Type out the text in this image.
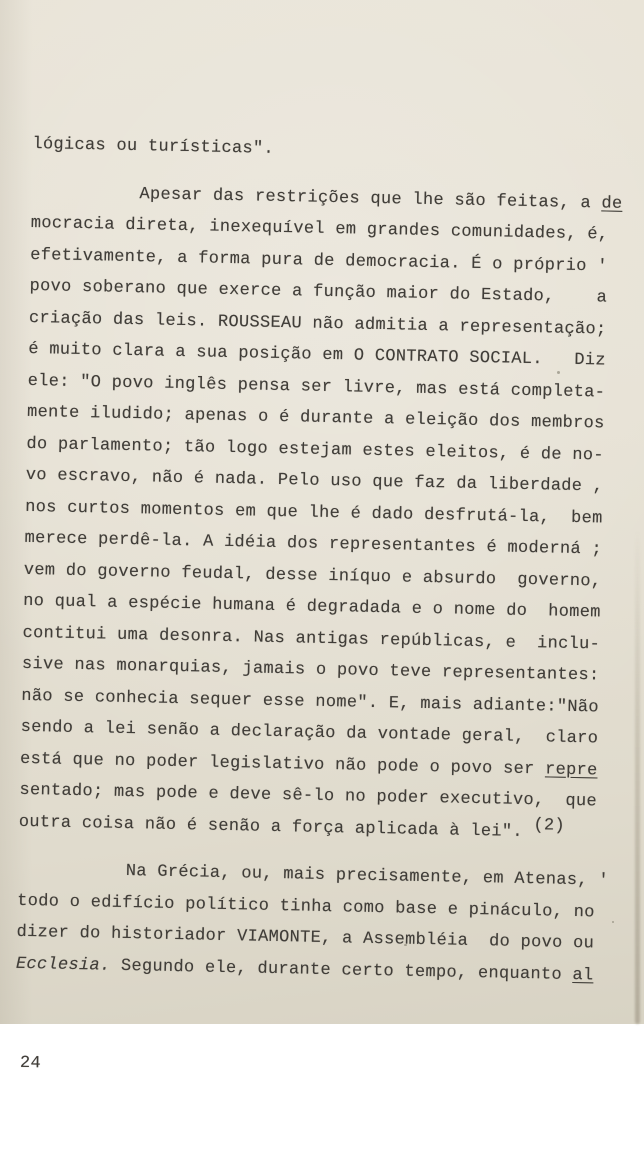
lógicas ou turísticas".
Apesar das restrições que lhe são feitas, a de
mocracia direta, inexequível em grandes comunidades, é,
efetivamente, a forma pura de democracia. É o próprio '
povo soberano que exerce a função maior do Estado,    a
criação das leis. ROUSSEAU não admitia a representação;
é muito clara a sua posição em O CONTRATO SOCIAL.   Diz
ele: "O povo inglês pensa ser livre, mas está completa-
mente iludido; apenas o é durante a eleição dos membros
do parlamento; tão logo estejam estes eleitos, é de no-
vo escravo, não é nada. Pelo uso que faz da liberdade ,
nos curtos momentos em que lhe é dado desfrutá-la,  bem
merece perdê-la. A idéia dos representantes é moderná ;
vem do governo feudal, desse iníquo e absurdo  governo,
no qual a espécie humana é degradada e o nome do  homem
contitui uma desonra. Nas antigas repúblicas, e  inclu-
sive nas monarquias, jamais o povo teve representantes:
não se conhecia sequer esse nome". E, mais adiante:"Não
sendo a lei senão a declaração da vontade geral,  claro
está que no poder legislativo não pode o povo ser repre
sentado; mas pode e deve sê-lo no poder executivo,  que
outra coisa não é senão a força aplicada à lei". (2)
Na Grécia, ou, mais precisamente, em Atenas, '
todo o edifício político tinha como base e pináculo, no
dizer do historiador VIAMONTE, a Assembléia  do povo ou
Ecclesia. Segundo ele, durante certo tempo, enquanto al

24
